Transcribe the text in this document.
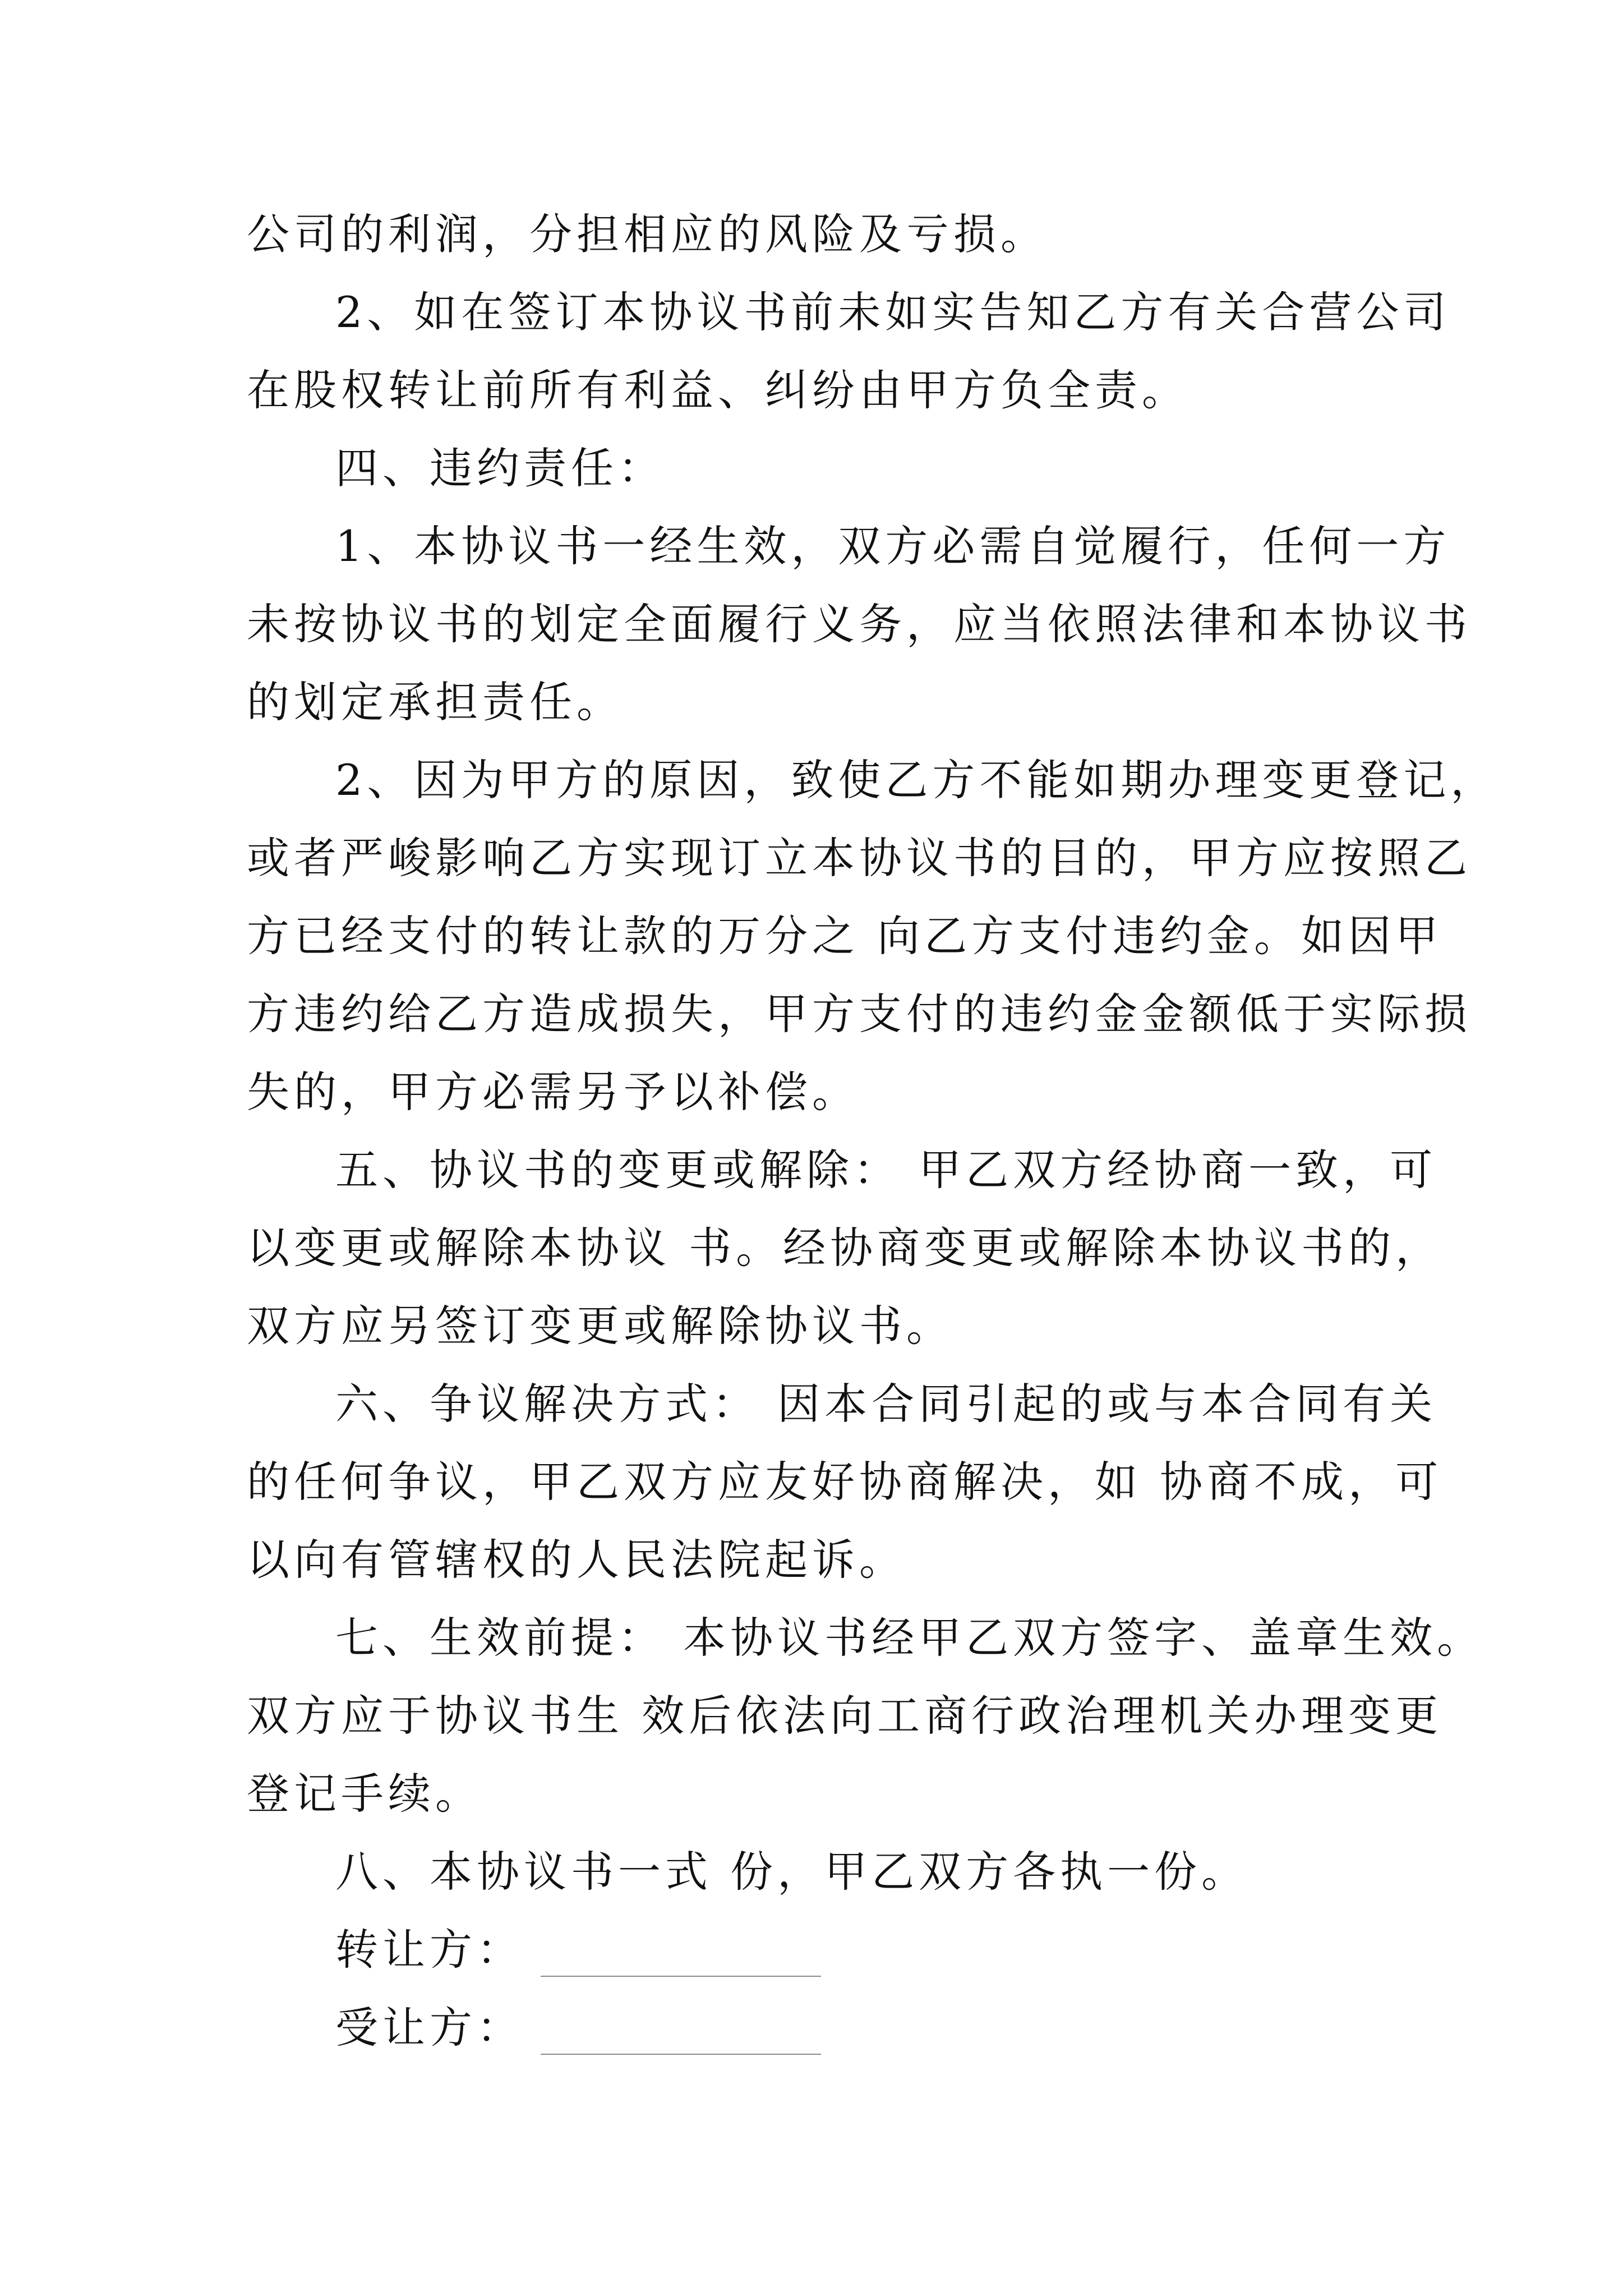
公司的利润，分担相应的风险及亏损。
2、如在签订本协议书前未如实告知乙方有关合营公司
在股权转让前所有利益、纠纷由甲方负全责。
四、违约责任：
1、本协议书一经生效，双方必需自觉履行，任何一方
未按协议书的划定全面履行义务，应当依照法律和本协议书
的划定承担责任。
2、因为甲方的原因，致使乙方不能如期办理变更登记，
或者严峻影响乙方实现订立本协议书的目的，甲方应按照乙
方已经支付的转让款的万分之 向乙方支付违约金。如因甲
方违约给乙方造成损失，甲方支付的违约金金额低于实际损
失的，甲方必需另予以补偿。
五、协议书的变更或解除： 甲乙双方经协商一致，可
以变更或解除本协议 书。经协商变更或解除本协议书的，
双方应另签订变更或解除协议书。
六、争议解决方式： 因本合同引起的或与本合同有关
的任何争议，甲乙双方应友好协商解决，如 协商不成，可
以向有管辖权的人民法院起诉。
七、生效前提： 本协议书经甲乙双方签字、盖章生效。
双方应于协议书生 效后依法向工商行政治理机关办理变更
登记手续。
八、本协议书一式 份，甲乙双方各执一份。
转让方：
受让方：
